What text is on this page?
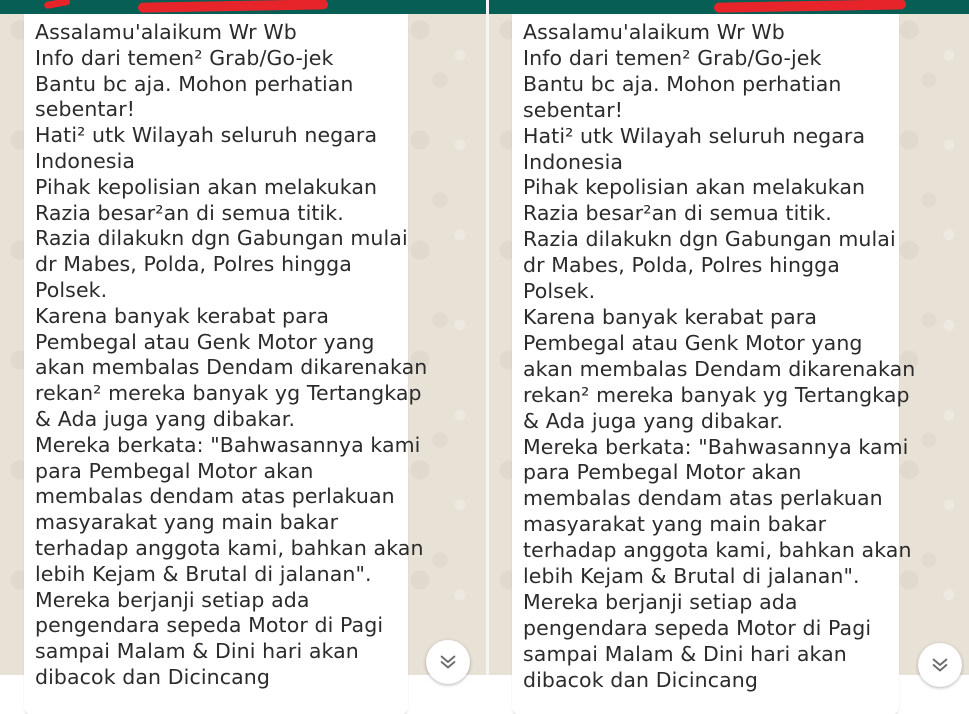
Assalamu'alaikum Wr Wb
Info dari temen² Grab/Go-jek
Bantu bc aja. Mohon perhatian
sebentar!
Hati² utk Wilayah seluruh negara
Indonesia
Pihak kepolisian akan melakukan
Razia besar²an di semua titik.
Razia dilakukn dgn Gabungan mulai
dr Mabes, Polda, Polres hingga
Polsek.
Karena banyak kerabat para
Pembegal atau Genk Motor yang
akan membalas Dendam dikarenakan
rekan² mereka banyak yg Tertangkap
& Ada juga yang dibakar.
Mereka berkata: "Bahwasannya kami
para Pembegal Motor akan
membalas dendam atas perlakuan
masyarakat yang main bakar
terhadap anggota kami, bahkan akan
lebih Kejam & Brutal di jalanan".
Mereka berjanji setiap ada
pengendara sepeda Motor di Pagi
sampai Malam & Dini hari akan
dibacok dan Dicincang
Assalamu'alaikum Wr Wb
Info dari temen² Grab/Go-jek
Bantu bc aja. Mohon perhatian
sebentar!
Hati² utk Wilayah seluruh negara
Indonesia
Pihak kepolisian akan melakukan
Razia besar²an di semua titik.
Razia dilakukn dgn Gabungan mulai
dr Mabes, Polda, Polres hingga
Polsek.
Karena banyak kerabat para
Pembegal atau Genk Motor yang
akan membalas Dendam dikarenakan
rekan² mereka banyak yg Tertangkap
& Ada juga yang dibakar.
Mereka berkata: "Bahwasannya kami
para Pembegal Motor akan
membalas dendam atas perlakuan
masyarakat yang main bakar
terhadap anggota kami, bahkan akan
lebih Kejam & Brutal di jalanan".
Mereka berjanji setiap ada
pengendara sepeda Motor di Pagi
sampai Malam & Dini hari akan
dibacok dan Dicincang
